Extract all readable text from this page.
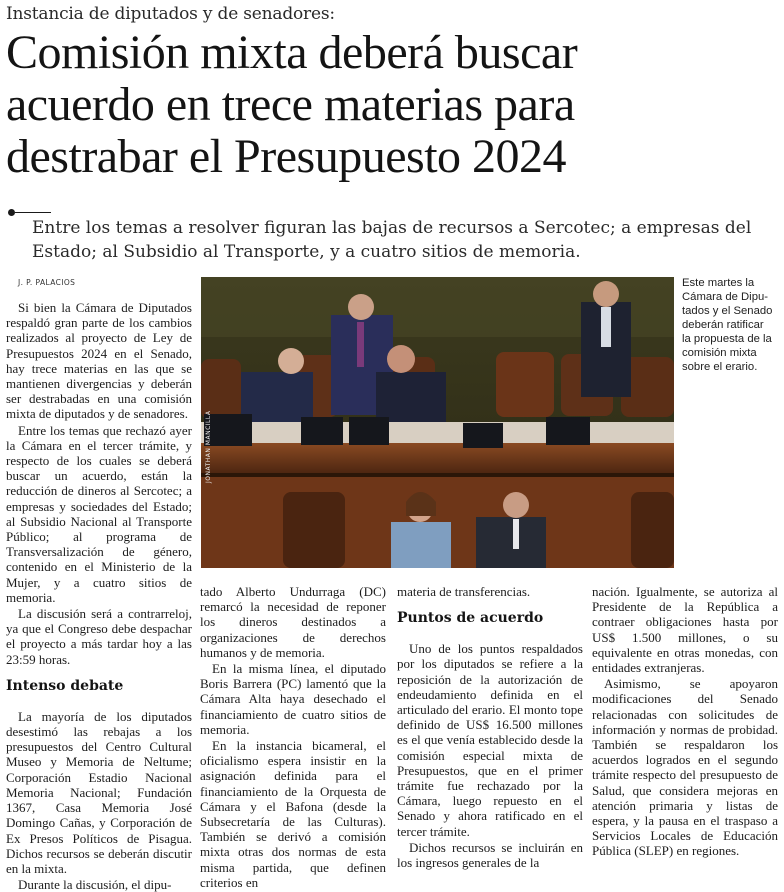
Instancia de diputados y de senadores:
Comisión mixta deberá buscar
acuerdo en trece materias para
destrabar el Presupuesto 2024
Entre los temas a resolver figuran las bajas de recursos a Sercotec; a empresas del
Estado; al Subsidio al Transporte, y a cuatro sitios de memoria.
J. P. PALACIOS

Si bien la Cámara de Diputados respaldó gran parte de los cambios realizados al proyecto de Ley de Presupuestos 2024 en el Senado, hay trece materias en las que se mantienen divergencias y deberán ser destrabadas en una comisión mixta de diputados y de senadores.

Entre los temas que rechazó ayer la Cámara en el tercer trámite, y respecto de los cuales se deberá buscar un acuerdo, están la reducción de dineros al Sercotec; a empresas y sociedades del Estado; al Subsidio Nacional al Transporte Público; al programa de Transversalización de género, contenido en el Ministerio de la Mujer, y a cuatro sitios de memoria.

La discusión será a contrarreloj, ya que el Congreso debe despachar el proyecto a más tardar hoy a las 23:59 horas.

Intenso debate

La mayoría de los diputados desestimó las rebajas a los presupuestos del Centro Cultural Museo y Memoria de Neltume; Corporación Estadio Nacional Memoria Nacional; Fundación 1367, Casa Memoria José Domingo Cañas, y Corporación de Ex Presos Políticos de Pisagua. Dichos recursos se deberán discutir en la mixta.

Durante la discusión, el dipu-

JONATHAN MANCILLA
Este martes la
Cámara de Dipu-
tados y el Senado
deberán ratificar
la propuesta de la
comisión mixta
sobre el erario.

tado Alberto Undurraga (DC) remarcó la necesidad de reponer los dineros destinados a organizaciones de derechos humanos y de memoria.

En la misma línea, el diputado Boris Barrera (PC) lamentó que la Cámara Alta haya desechado el financiamiento de cuatro sitios de memoria.

En la instancia bicameral, el oficialismo espera insistir en la asignación definida para el financiamiento de la Orquesta de Cámara y el Bafona (desde la Subsecretaría de las Culturas). También se derivó a comisión mixta otras dos normas de esta misma partida, que definen criterios en

materia de transferencias.

Puntos de acuerdo

Uno de los puntos respaldados por los diputados se refiere a la reposición de la autorización de endeudamiento definida en el articulado del erario. El monto tope definido de US$ 16.500 millones es el que venía establecido desde la comisión especial mixta de Presupuestos, que en el primer trámite fue rechazado por la Cámara, luego repuesto en el Senado y ahora ratificado en el tercer trámite.

Dichos recursos se incluirán en los ingresos generales de la

nación. Igualmente, se autoriza al Presidente de la República a contraer obligaciones hasta por US$ 1.500 millones, o su equivalente en otras monedas, con entidades extranjeras.

Asimismo, se apoyaron modificaciones del Senado relacionadas con solicitudes de información y normas de probidad. También se respaldaron los acuerdos logrados en el segundo trámite respecto del presupuesto de Salud, que considera mejoras en atención primaria y listas de espera, y la pausa en el traspaso a Servicios Locales de Educación Pública (SLEP) en regiones.
